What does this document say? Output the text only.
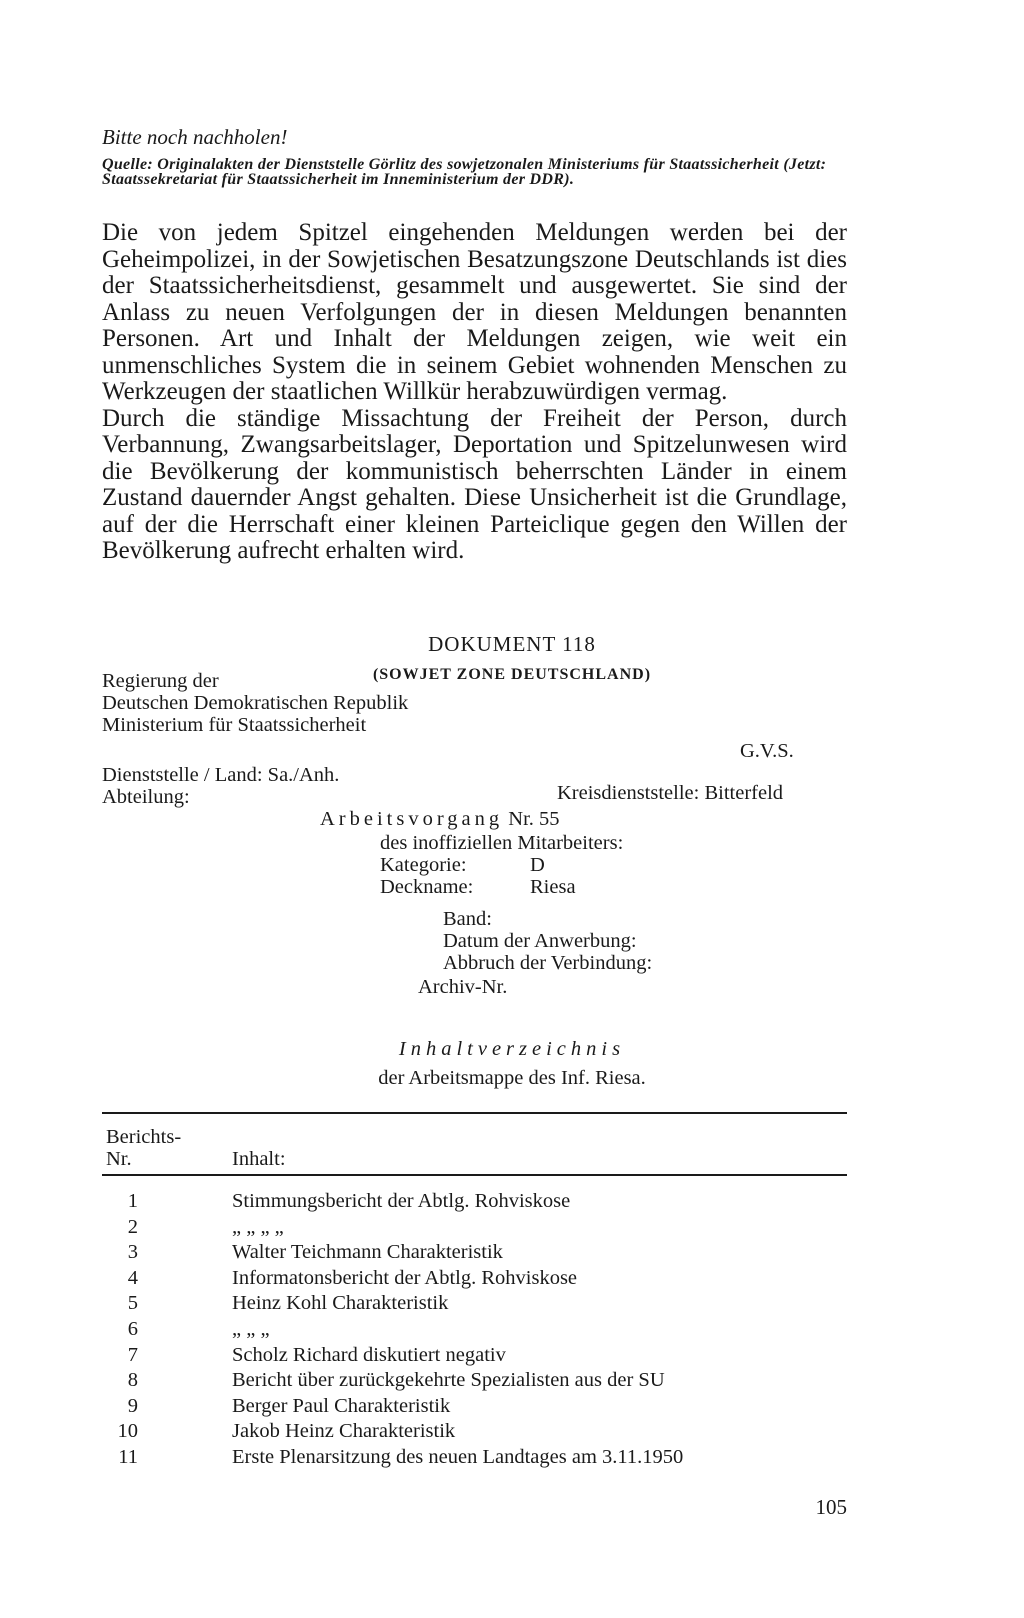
Bitte noch nachholen!
Quelle: Originalakten der Dienststelle Görlitz des sowjetzonalen Ministeriums für Staatssicherheit (Jetzt: Staatssekretariat für Staatssicherheit im Inneministerium der DDR).

Die von jedem Spitzel eingehenden Meldungen werden bei der Geheimpolizei, in der Sowjetischen Besatzungszone Deutschlands ist dies der Staatssicherheitsdienst, gesammelt und ausgewertet. Sie sind der Anlass zu neuen Verfolgungen der in diesen Meldungen benannten Personen. Art und Inhalt der Meldungen zeigen, wie weit ein unmenschliches System die in seinem Gebiet wohnenden Menschen zu Werkzeugen der staatlichen Willkür herabzuwürdigen vermag.

Durch die ständige Missachtung der Freiheit der Person, durch Verbannung, Zwangsarbeitslager, Deportation und Spitzelunwesen wird die Bevölkerung der kommunistisch beherrschten Länder in einem Zustand dauernder Angst gehalten. Diese Unsicherheit ist die Grundlage, auf der die Herrschaft einer kleinen Parteiclique gegen den Willen der Bevölkerung aufrecht erhalten wird.

DOKUMENT 118
(SOWJET ZONE DEUTSCHLAND)
Regierung der
Deutschen Demokratischen Republik
Ministerium für Staatssicherheit
G.V.S.
Dienststelle / Land: Sa./Anh.
Abteilung:	Kreisdienststelle: Bitterfeld
Arbeitsvorgang Nr. 55
des inoffiziellen Mitarbeiters:
Kategorie:	D
Deckname:	Riesa
Band:
Datum der Anwerbung:
Abbruch der Verbindung:
Archiv-Nr.
Inhaltverzeichnis
der Arbeitsmappe des Inf. Riesa.
Berichts-
Nr.	Inhalt:
1	Stimmungsbericht der Abtlg. Rohviskose
2	„ „ „ „
3	Walter Teichmann Charakteristik
4	Informatonsbericht der Abtlg. Rohviskose
5	Heinz Kohl Charakteristik
6	„ „ „
7	Scholz Richard diskutiert negativ
8	Bericht über zurückgekehrte Spezialisten aus der SU
9	Berger Paul Charakteristik
10	Jakob Heinz Charakteristik
11	Erste Plenarsitzung des neuen Landtages am 3.11.1950
105
